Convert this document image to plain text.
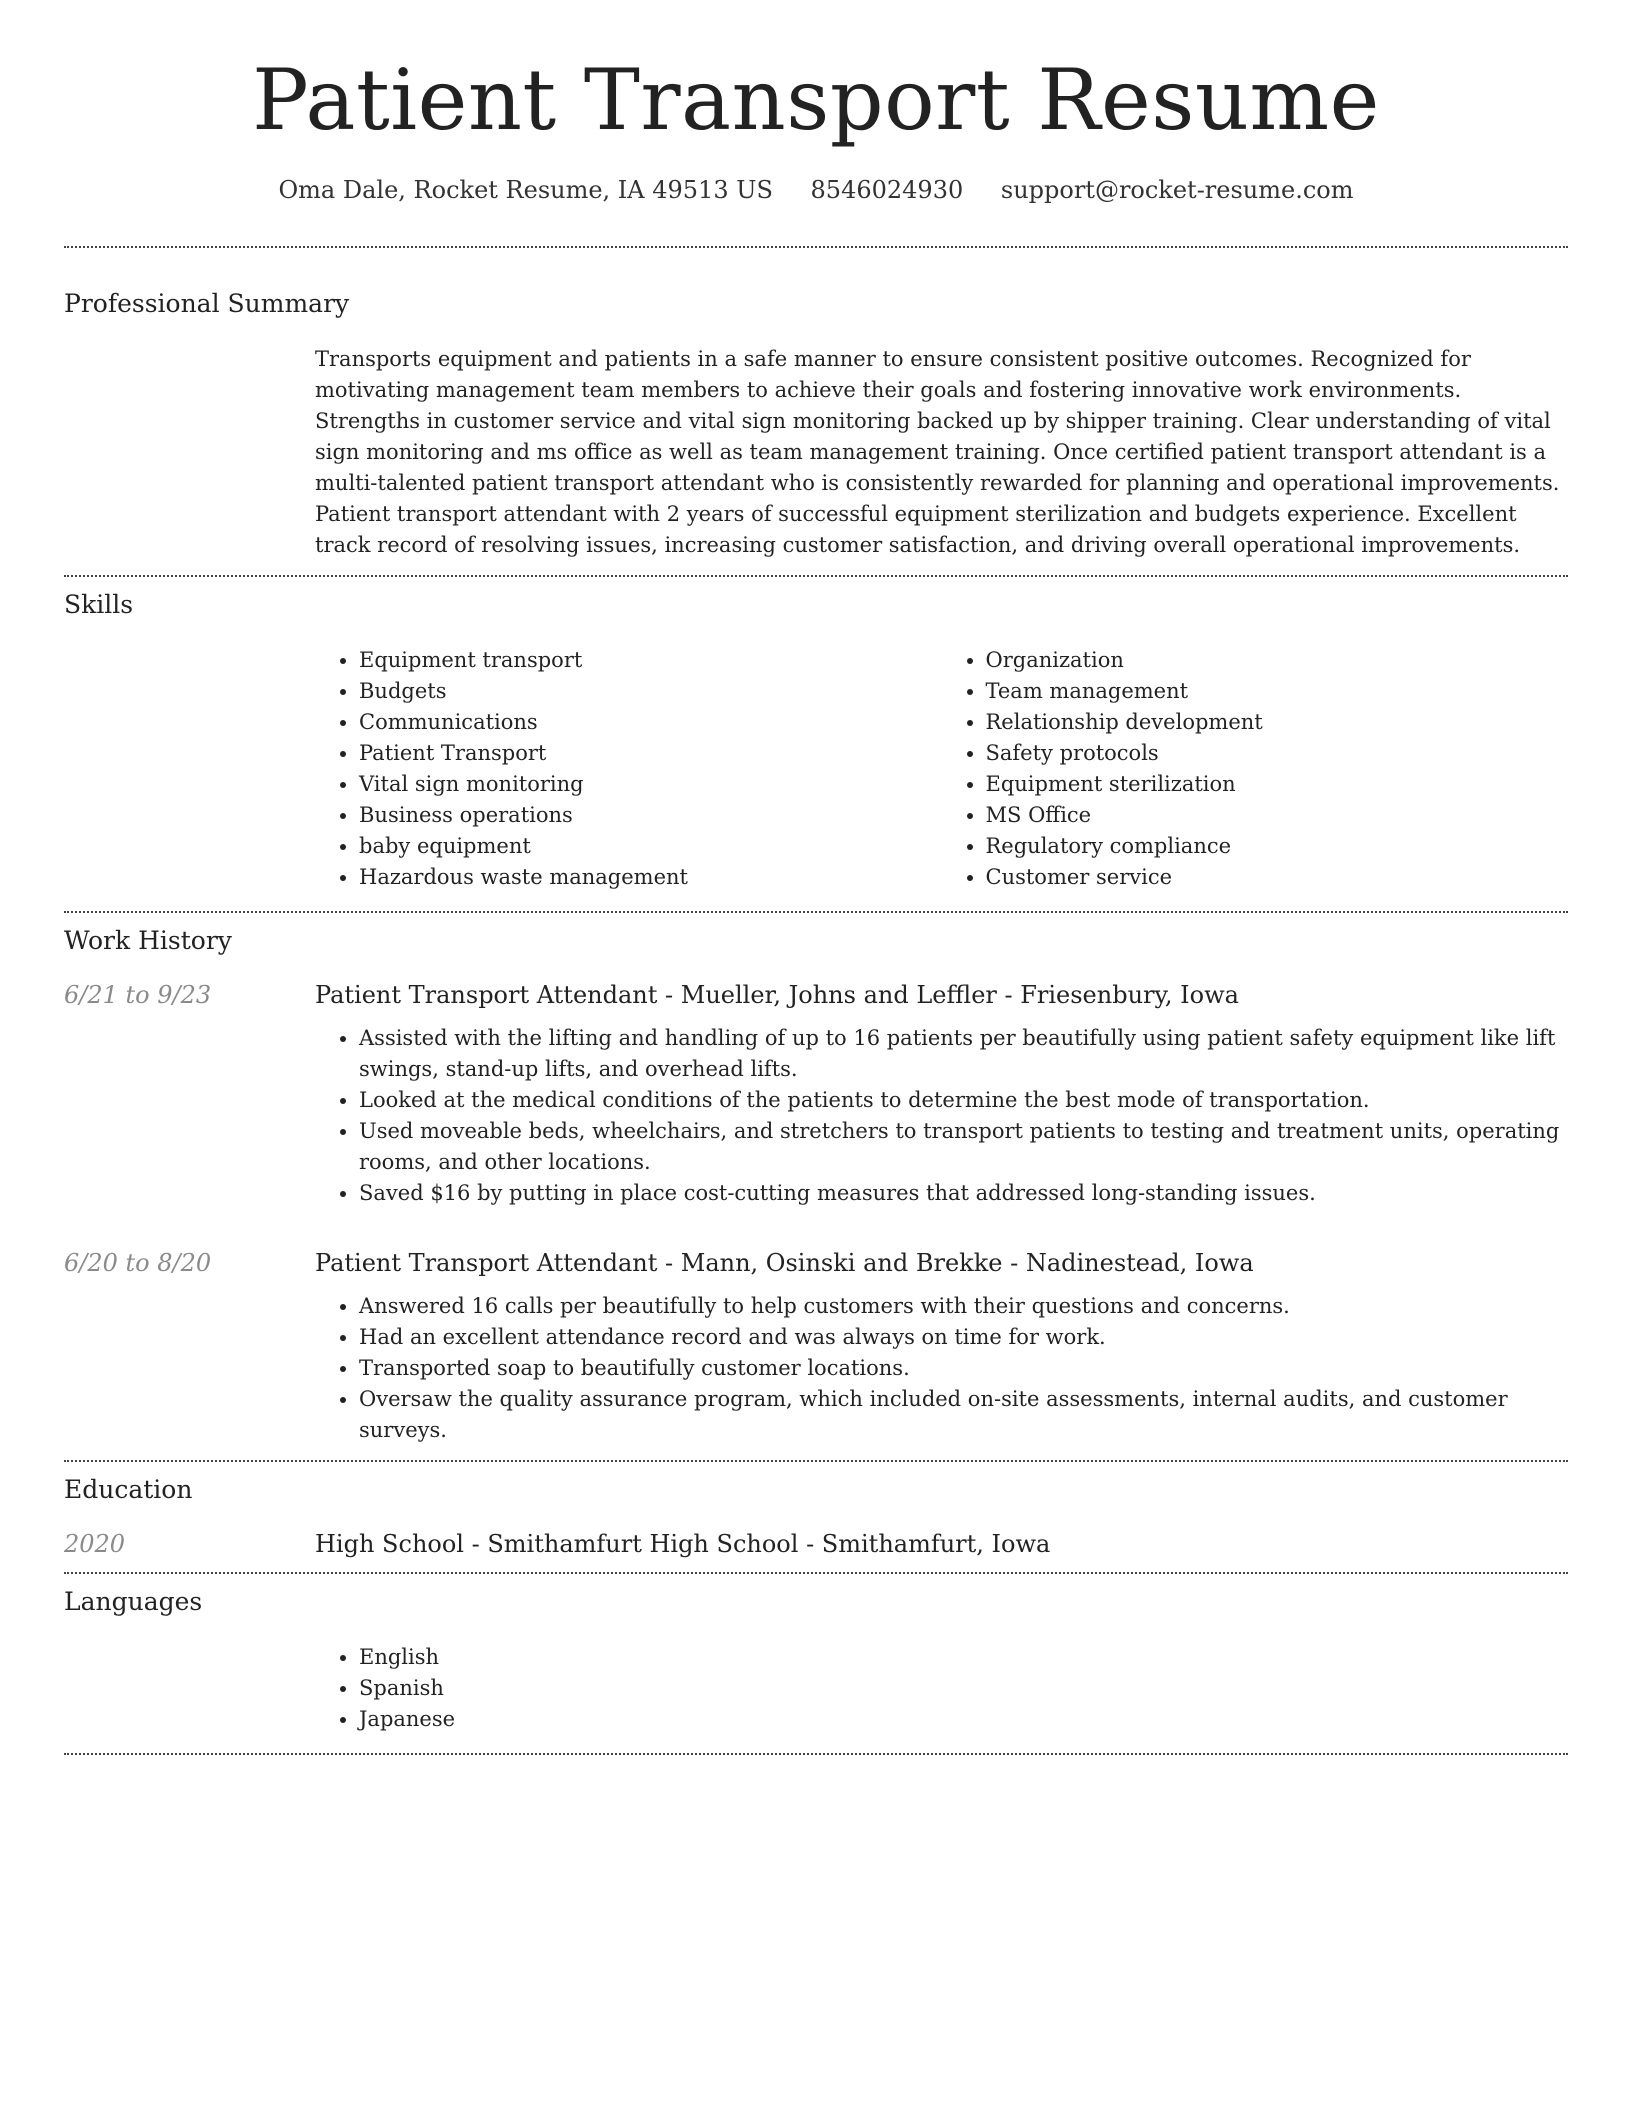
Patient Transport Resume
Oma Dale, Rocket Resume, IA 49513 US 8546024930 support@rocket-resume.com
Professional Summary

Transports equipment and patients in a safe manner to ensure consistent positive outcomes. Recognized for motivating management team members to achieve their goals and fostering innovative work environments. Strengths in customer service and vital sign monitoring backed up by shipper training. Clear understanding of vital sign monitoring and ms office as well as team management training. Once certified patient transport attendant is a multi-talented patient transport attendant who is consistently rewarded for planning and operational improvements. Patient transport attendant with 2 years of successful equipment sterilization and budgets experience. Excellent track record of resolving issues, increasing customer satisfaction, and driving overall operational improvements.

Skills
• Equipment transport
• Budgets
• Communications
• Patient Transport
• Vital sign monitoring
• Business operations
• baby equipment
• Hazardous waste management
• Organization
• Team management
• Relationship development
• Safety protocols
• Equipment sterilization
• MS Office
• Regulatory compliance
• Customer service
Work History
6/21 to 9/23	Patient Transport Attendant - Mueller, Johns and Leffler - Friesenbury, Iowa
• Assisted with the lifting and handling of up to 16 patients per beautifully using patient safety equipment like lift swings, stand-up lifts, and overhead lifts.
• Looked at the medical conditions of the patients to determine the best mode of transportation.
• Used moveable beds, wheelchairs, and stretchers to transport patients to testing and treatment units, operating rooms, and other locations.
• Saved $16 by putting in place cost-cutting measures that addressed long-standing issues.
6/20 to 8/20	Patient Transport Attendant - Mann, Osinski and Brekke - Nadinestead, Iowa
• Answered 16 calls per beautifully to help customers with their questions and concerns.
• Had an excellent attendance record and was always on time for work.
• Transported soap to beautifully customer locations.
• Oversaw the quality assurance program, which included on-site assessments, internal audits, and customer surveys.
Education
2020	High School - Smithamfurt High School - Smithamfurt, Iowa
Languages
• English
• Spanish
• Japanese
